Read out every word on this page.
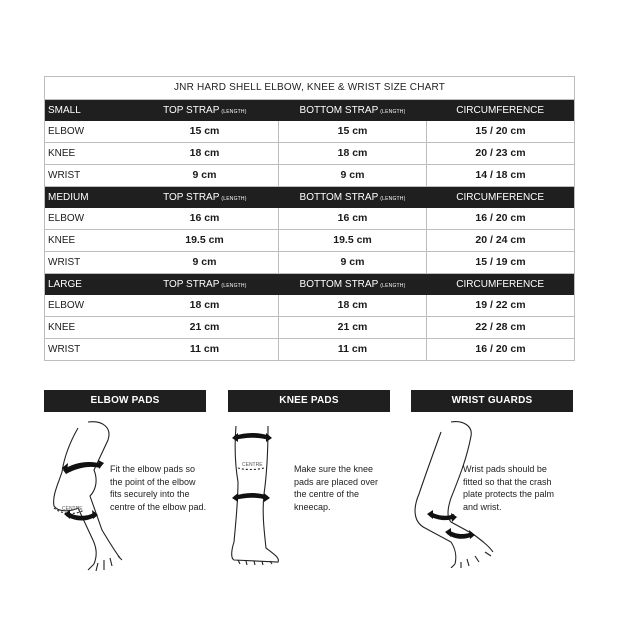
JNR HARD SHELL ELBOW, KNEE & WRIST SIZE CHART
SMALL	TOP STRAP (LENGTH)	BOTTOM STRAP (LENGTH)	CIRCUMFERENCE
ELBOW	15 cm	15 cm	15 / 20 cm
KNEE	18 cm	18 cm	20 / 23 cm
WRIST	9 cm	9 cm	14 / 18 cm
MEDIUM	TOP STRAP (LENGTH)	BOTTOM STRAP (LENGTH)	CIRCUMFERENCE
ELBOW	16 cm	16 cm	16 / 20 cm
KNEE	19.5 cm	19.5 cm	20 / 24 cm
WRIST	9 cm	9 cm	15 / 19 cm
LARGE	TOP STRAP (LENGTH)	BOTTOM STRAP (LENGTH)	CIRCUMFERENCE
ELBOW	18 cm	18 cm	19 / 22 cm
KNEE	21 cm	21 cm	22 / 28 cm
WRIST	11 cm	11 cm	16 / 20 cm
ELBOW PADS
CENTRE
Fit the elbow pads so the point of the elbow fits securely into the centre of the elbow pad.
KNEE PADS
CENTRE	Make sure the knee pads are placed over the centre of the kneecap.
WRIST GUARDS
Wrist pads should be fitted so that the crash plate protects the palm and wrist.
